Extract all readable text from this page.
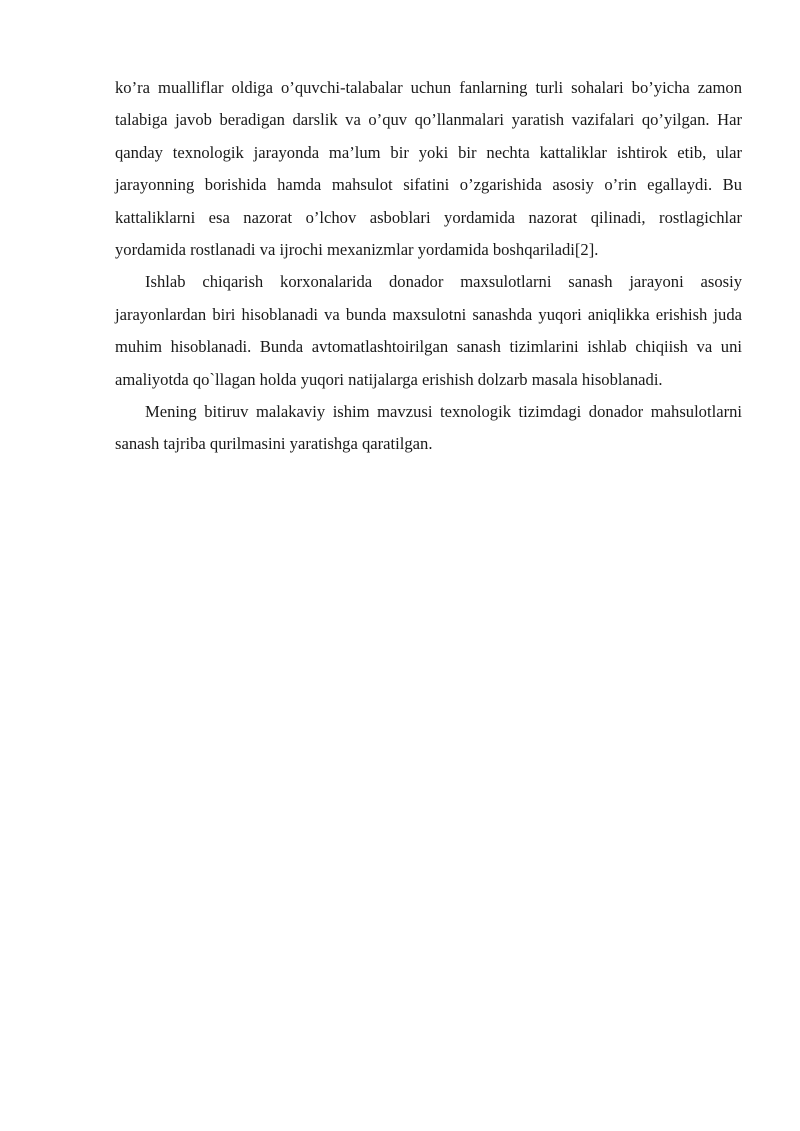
ko’ra mualliflar oldiga o’quvchi-talabalar uchun fanlarning turli sohalari bo’yicha zamon talabiga javob beradigan darslik va o’quv qo’llanmalari yaratish vazifalari qo’yilgan. Har qanday texnologik jarayonda ma’lum bir yoki bir nechta kattaliklar ishtirok etib, ular jarayonning borishida hamda mahsulot sifatini o’zgarishida asosiy o’rin egallaydi. Bu kattaliklarni esa nazorat o’lchov asboblari yordamida nazorat qilinadi, rostlagichlar yordamida rostlanadi va ijrochi mexanizmlar yordamida boshqariladi[2].

Ishlab chiqarish korxonalarida donador maxsulotlarni sanash jarayoni asosiy jarayonlardan biri hisoblanadi va bunda maxsulotni sanashda yuqori aniqlikka erishish juda muhim hisoblanadi. Bunda avtomatlashtoirilgan sanash tizimlarini ishlab chiqiish va uni amaliyotda qo`llagan holda yuqori natijalarga erishish dolzarb masala hisoblanadi.

Mening bitiruv malakaviy ishim mavzusi texnologik tizimdagi donador mahsulotlarni sanash tajriba qurilmasini yaratishga qaratilgan.
